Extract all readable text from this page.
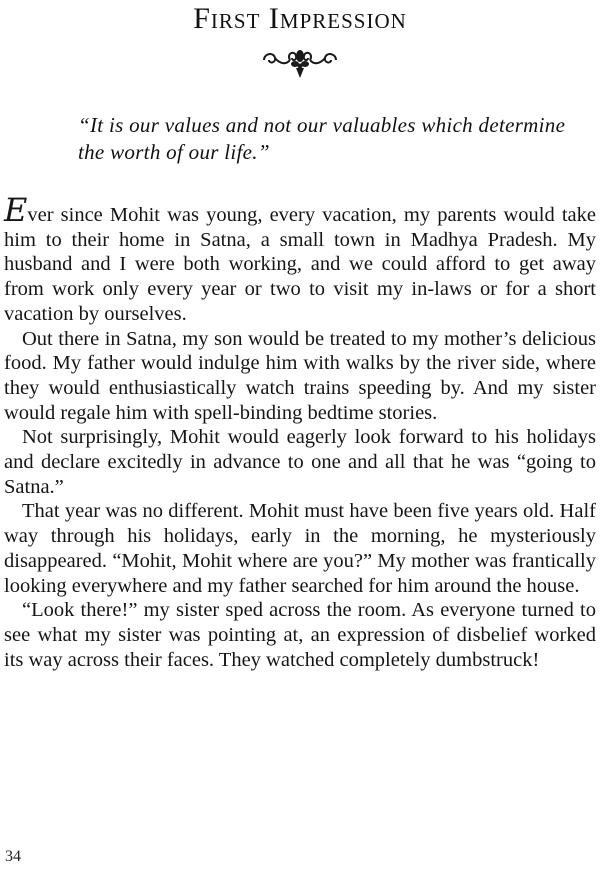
First Impression

“It is our values and not our valuables which determine the worth of our life.”

Ever since Mohit was young, every vacation, my parents would take him to their home in Satna, a small town in Madhya Pradesh. My husband and I were both working, and we could afford to get away from work only every year or two to visit my in-laws or for a short vacation by ourselves.

Out there in Satna, my son would be treated to my mother’s delicious food. My father would indulge him with walks by the river side, where they would enthusiastically watch trains speeding by. And my sister would regale him with spell-binding bedtime stories.

Not surprisingly, Mohit would eagerly look forward to his holidays and declare excitedly in advance to one and all that he was “going to Satna.”

That year was no different. Mohit must have been five years old. Half way through his holidays, early in the morning, he mysteriously disappeared. “Mohit, Mohit where are you?” My mother was frantically looking everywhere and my father searched for him around the house.

“Look there!” my sister sped across the room. As everyone turned to see what my sister was pointing at, an expression of disbelief worked its way across their faces. They watched completely dumbstruck!

34
